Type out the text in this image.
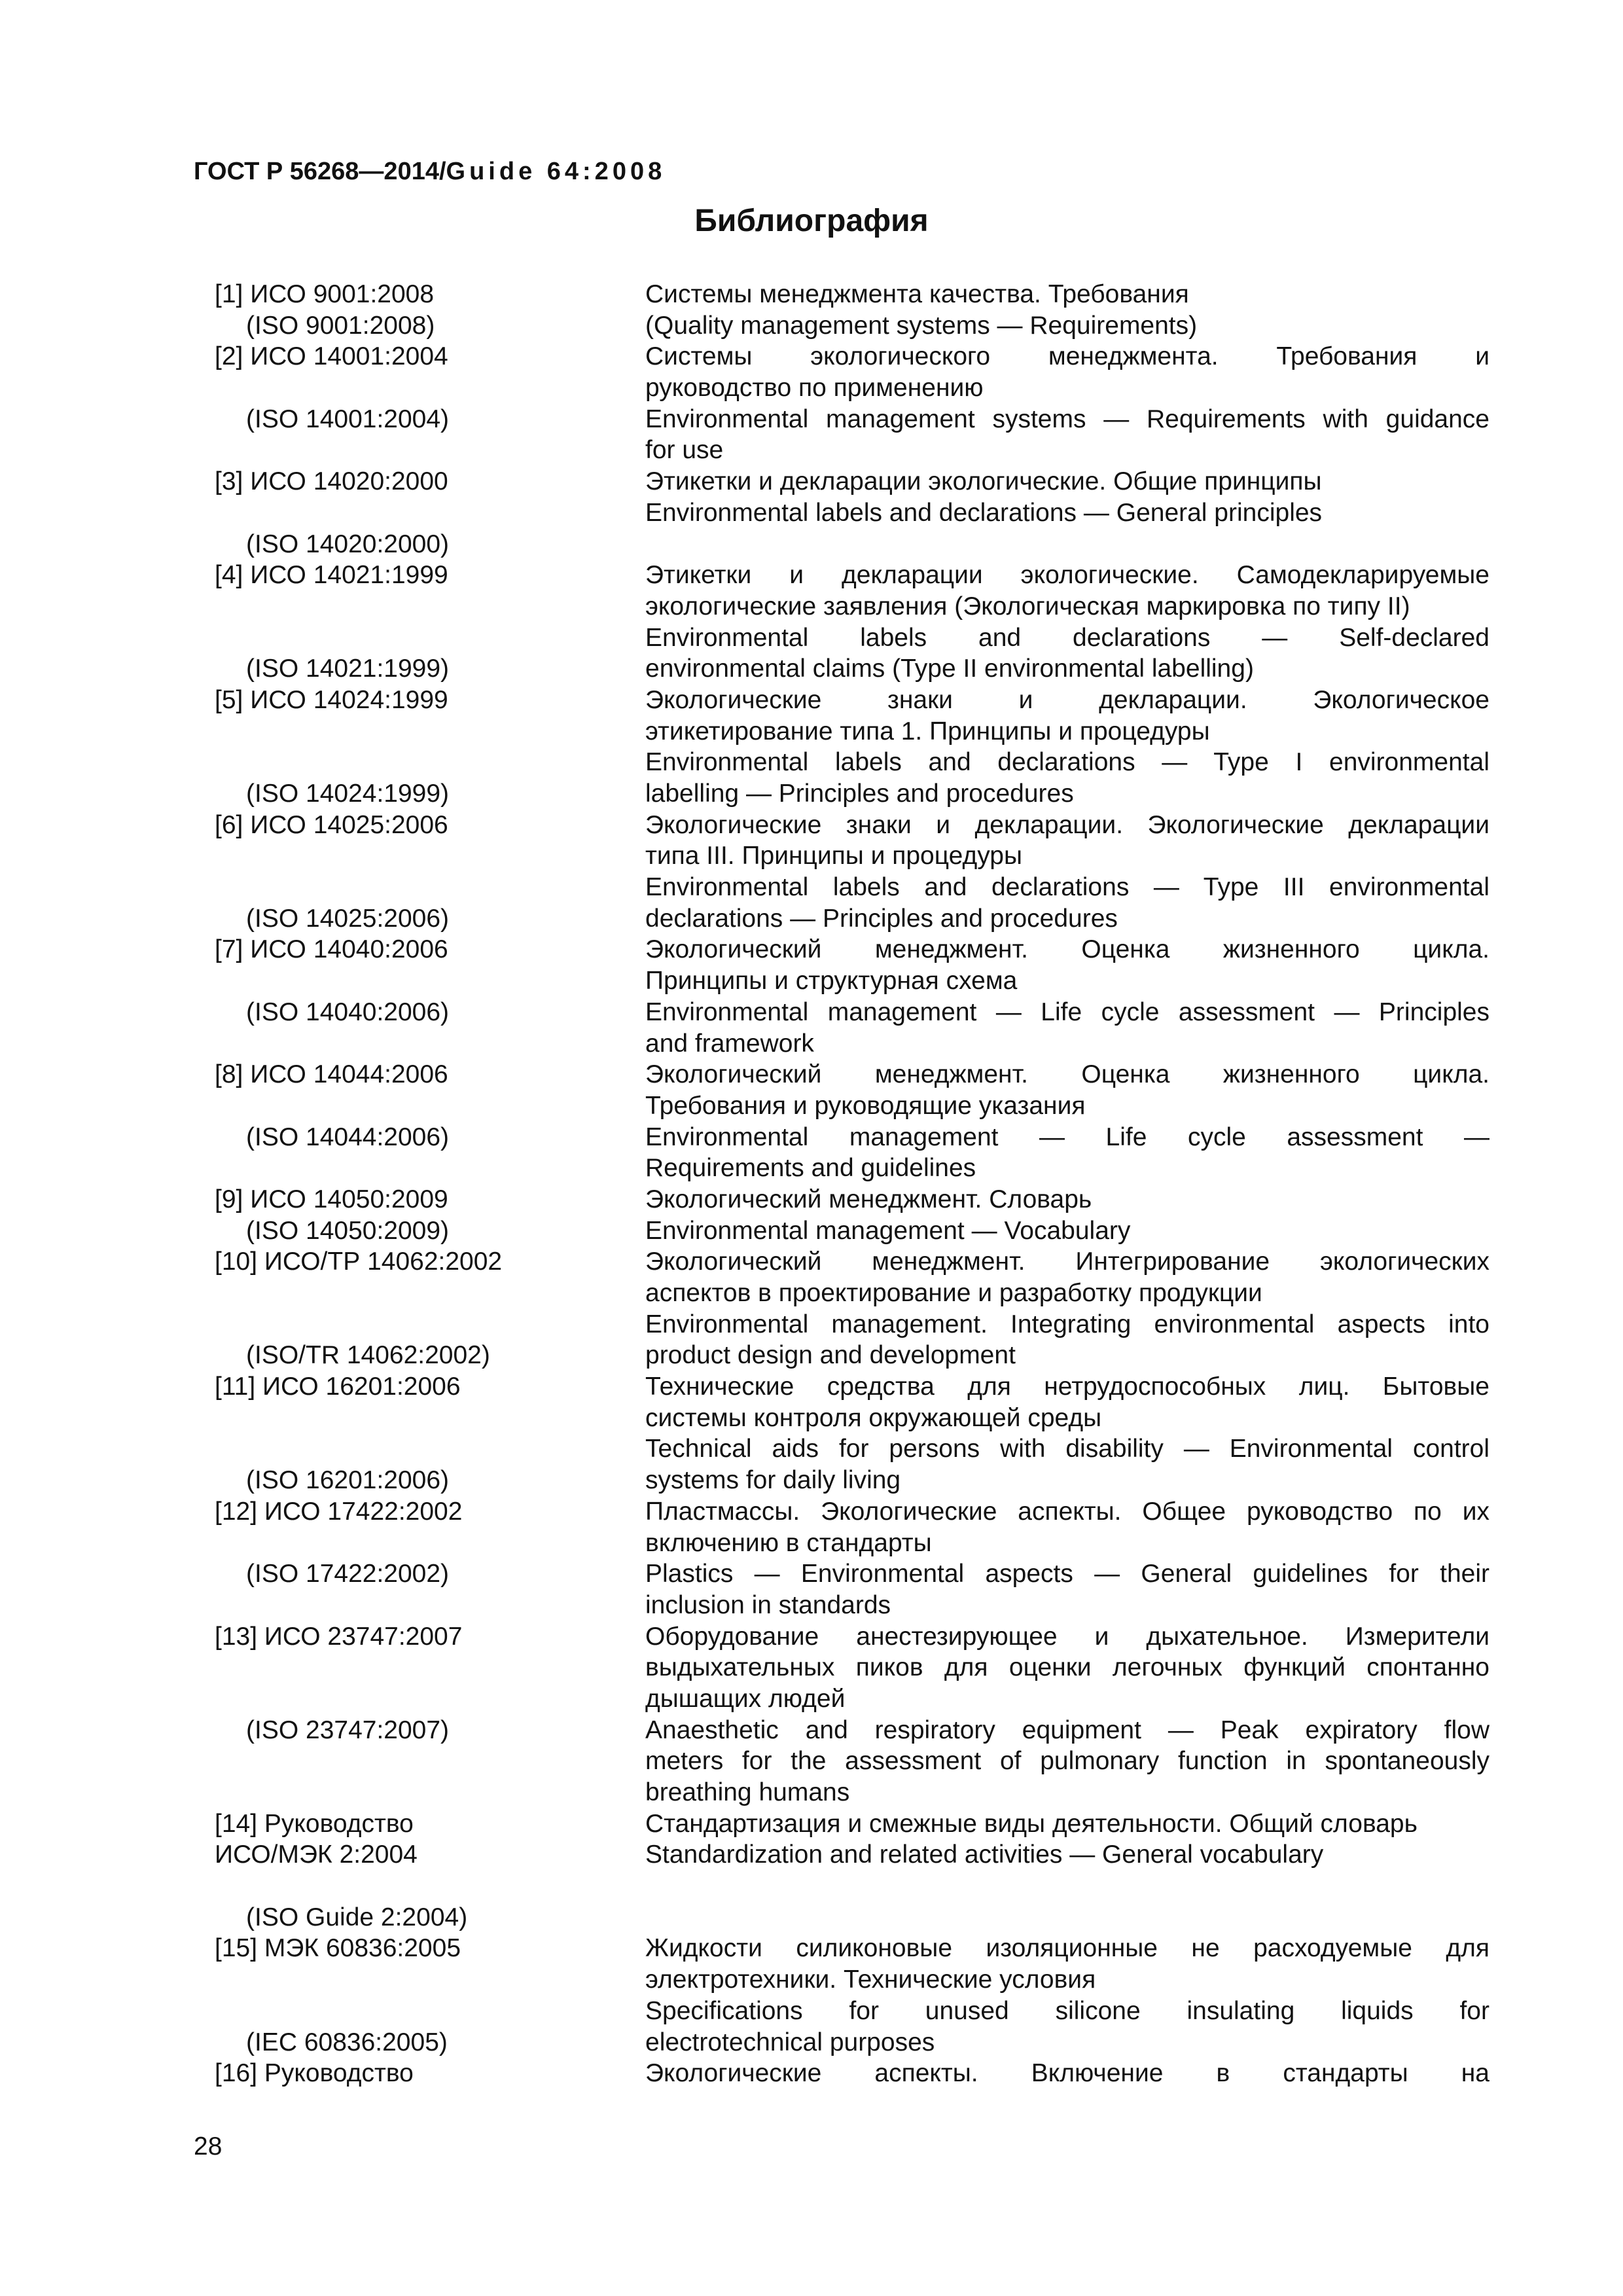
ГОСТ Р 56268—2014/Guide 64:2008
Библиография
[1] ИСО 9001:2008	Системы менеджмента качества. Требования
(ISO 9001:2008)	(Quality management systems — Requirements)
[2] ИСО 14001:2004	Системы экологического менеджмента. Требования и
руководство по применению
(ISO 14001:2004)	Environmental management systems — Requirements with guidance
for use
[3] ИСО 14020:2000	Этикетки и декларации экологические. Общие принципы
Environmental labels and declarations — General principles
(ISO 14020:2000)
[4] ИСО 14021:1999	Этикетки и декларации экологические. Самодекларируемые
экологические заявления (Экологическая маркировка по типу II)
Environmental labels and declarations — Self-declared
(ISO 14021:1999)	environmental claims (Type II environmental labelling)
[5] ИСО 14024:1999	Экологические знаки и декларации. Экологическое
этикетирование типа 1. Принципы и процедуры
Environmental labels and declarations — Type I environmental
(ISO 14024:1999)	labelling — Principles and procedures
[6] ИСО 14025:2006	Экологические знаки и декларации. Экологические декларации
типа III. Принципы и процедуры
Environmental labels and declarations — Type III environmental
(ISO 14025:2006)	declarations — Principles and procedures
[7] ИСО 14040:2006	Экологический менеджмент. Оценка жизненного цикла.
Принципы и структурная схема
(ISO 14040:2006)	Environmental management — Life cycle assessment — Principles
and framework
[8] ИСО 14044:2006	Экологический менеджмент. Оценка жизненного цикла.
Требования и руководящие указания
(ISO 14044:2006)	Environmental management — Life cycle assessment —
Requirements and guidelines
[9] ИСО 14050:2009	Экологический менеджмент. Словарь
(ISO 14050:2009)	Environmental management — Vocabulary
[10] ИСО/ТР 14062:2002	Экологический менеджмент. Интегрирование экологических
аспектов в проектирование и разработку продукции
Environmental management. Integrating environmental aspects into
(ISO/TR 14062:2002)	product design and development
[11] ИСО 16201:2006	Технические средства для нетрудоспособных лиц. Бытовые
системы контроля окружающей среды
Technical aids for persons with disability — Environmental control
(ISO 16201:2006)	systems for daily living
[12] ИСО 17422:2002	Пластмассы. Экологические аспекты. Общее руководство по их
включению в стандарты
(ISO 17422:2002)	Plastics — Environmental aspects — General guidelines for their
inclusion in standards
[13] ИСО 23747:2007	Оборудование анестезирующее и дыхательное. Измерители
выдыхательных пиков для оценки легочных функций спонтанно
дышащих людей
(ISO 23747:2007)	Anaesthetic and respiratory equipment — Peak expiratory flow
meters for the assessment of pulmonary function in spontaneously
breathing humans
[14] Руководство	Стандартизация и смежные виды деятельности. Общий словарь
ИСО/МЭК 2:2004	Standardization and related activities — General vocabulary
(ISO Guide 2:2004)
[15] МЭК 60836:2005	Жидкости силиконовые изоляционные не расходуемые для
электротехники. Технические условия
Specifications for unused silicone insulating liquids for
(IEC 60836:2005)	electrotechnical purposes
[16] Руководство	Экологические аспекты. Включение в стандарты на
28
